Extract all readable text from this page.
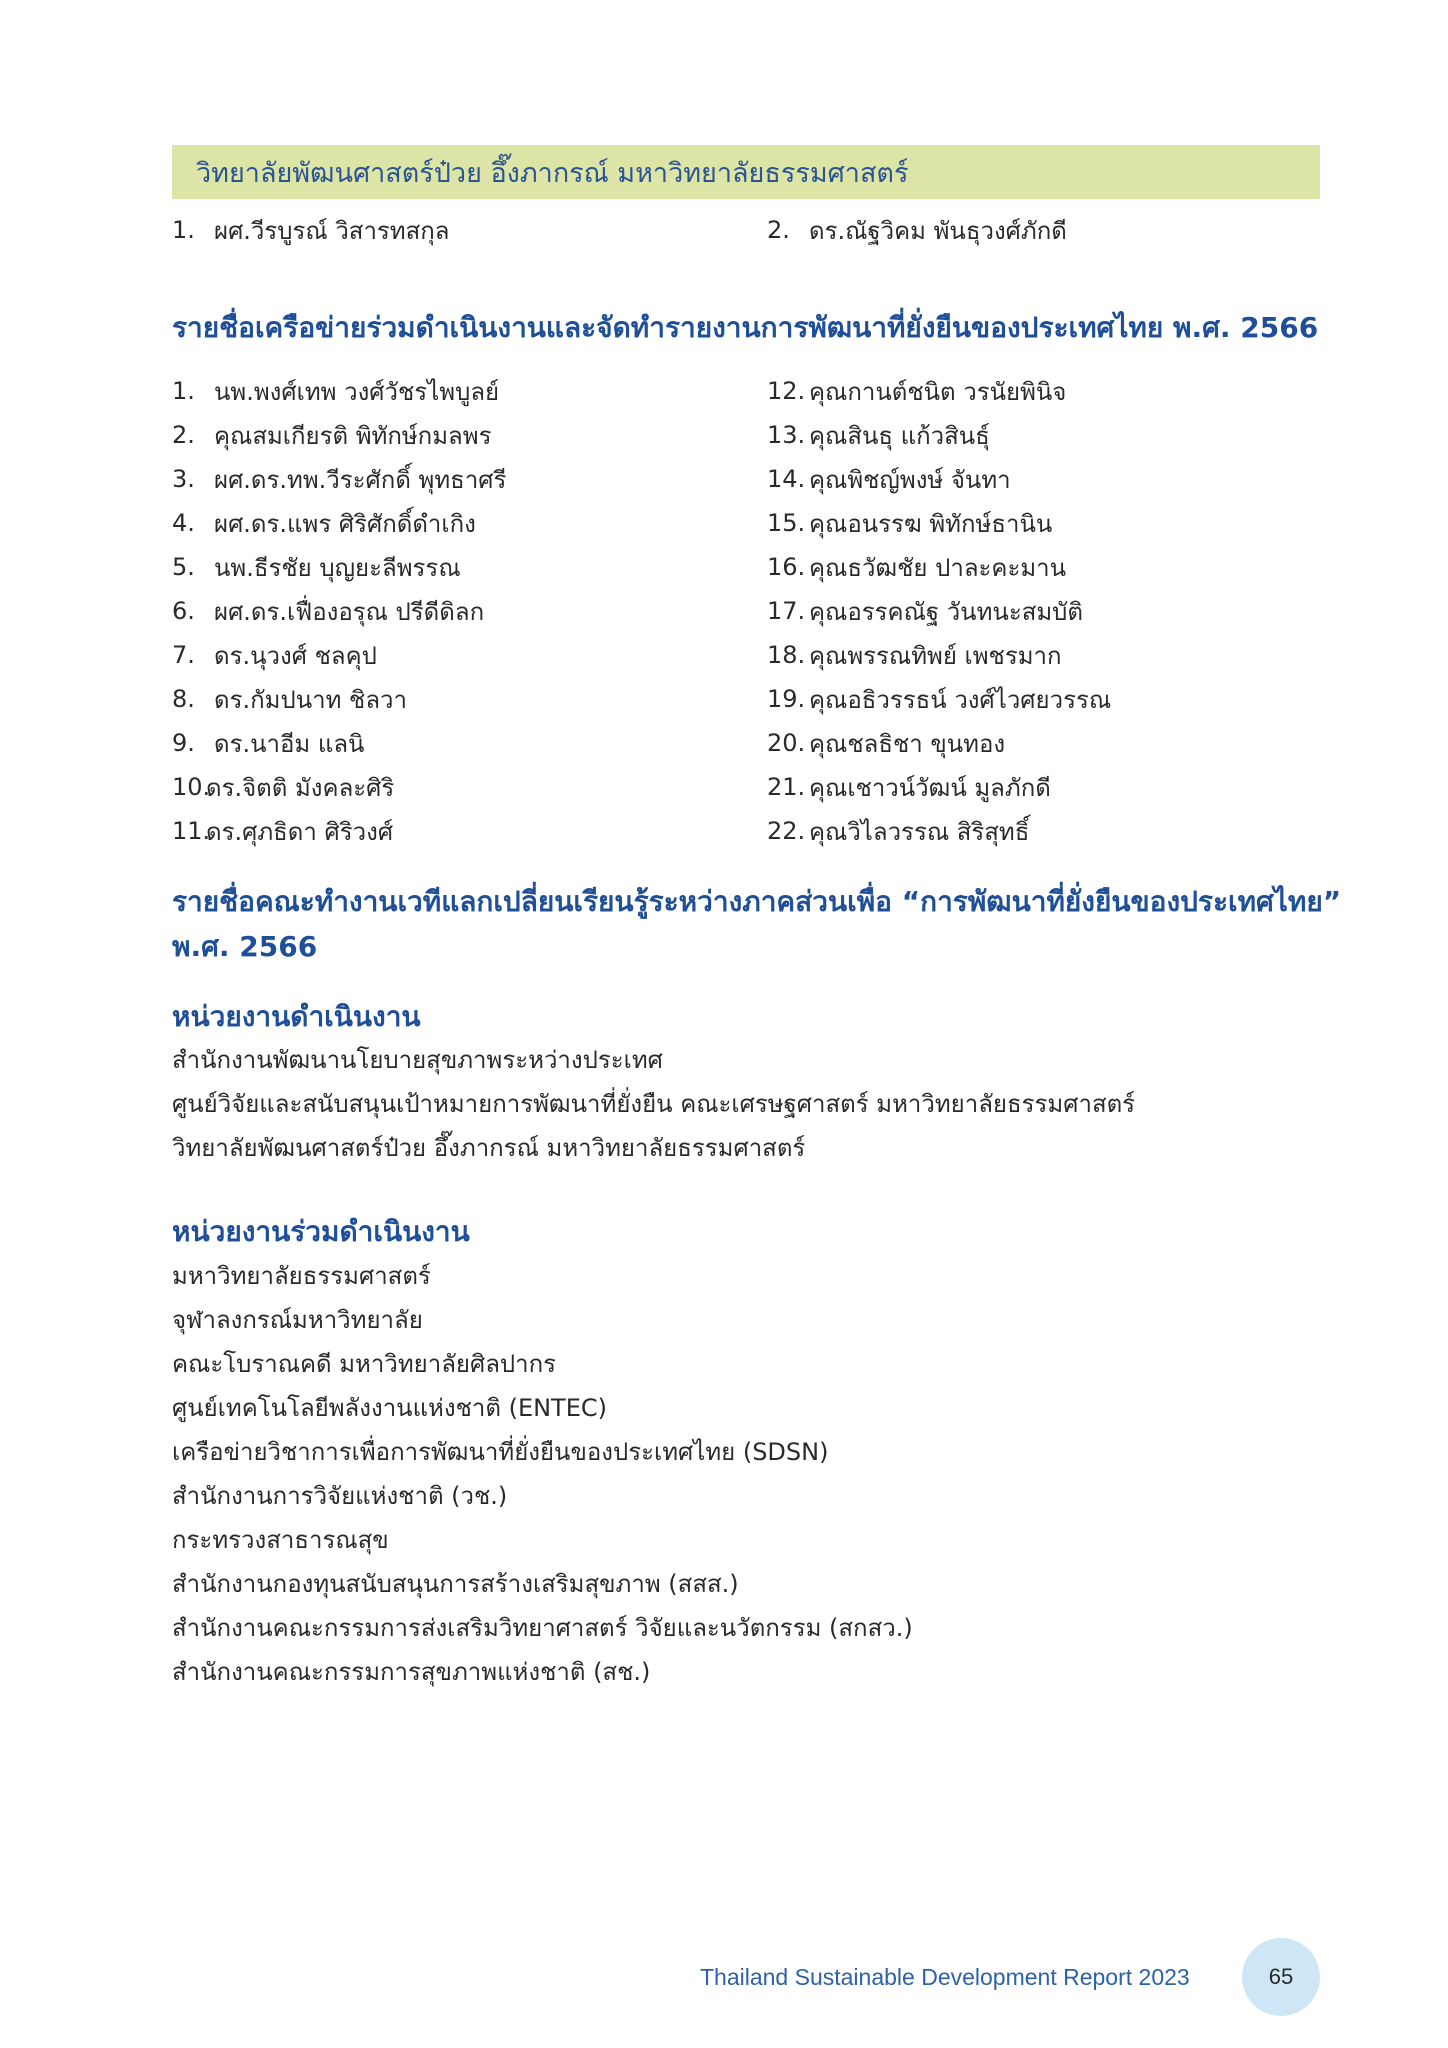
วิทยาลัยพัฒนศาสตร์ป๋วย อึ๊งภากรณ์ มหาวิทยาลัยธรรมศาสตร์
1. ผศ.วีรบูรณ์ วิสารทสกุล	2. ดร.ณัฐวิคม พันธุวงศ์ภักดี
รายชื่อเครือข่ายร่วมดำเนินงานและจัดทำรายงานการพัฒนาที่ยั่งยืนของประเทศไทย พ.ศ. 2566
1. นพ.พงศ์เทพ วงศ์วัชรไพบูลย์
2. คุณสมเกียรติ พิทักษ์กมลพร
3. ผศ.ดร.ทพ.วีระศักดิ์ พุทธาศรี
4. ผศ.ดร.แพร ศิริศักดิ์ดำเกิง
5. นพ.ธีรชัย บุญยะลีพรรณ
6. ผศ.ดร.เฟื่องอรุณ ปรีดีดิลก
7. ดร.นุวงศ์ ชลคุป
8. ดร.กัมปนาท ชิลวา
9. ดร.นาอีม แลนิ
10.
ดร.จิตติ มังคละศิริ
11.
ดร.ศุภธิดา ศิริวงศ์
12. คุณกานต์ชนิต วรนัยพินิจ
13. คุณสินธุ แก้วสินธุ์
14. คุณพิชญ์พงษ์ จันทา
15. คุณอนรรฆ พิทักษ์ธานิน
16. คุณธวัฒชัย ปาละคะมาน
17. คุณอรรคณัฐ วันทนะสมบัติ
18. คุณพรรณทิพย์ เพชรมาก
19. คุณอธิวรรธน์ วงศ์ไวศยวรรณ
20. คุณชลธิชา ขุนทอง
21. คุณเชาวน์วัฒน์ มูลภักดี
22. คุณวิไลวรรณ สิริสุทธิ์
รายชื่อคณะทำงานเวทีแลกเปลี่ยนเรียนรู้ระหว่างภาคส่วนเพื่อ “การพัฒนาที่ยั่งยืนของประเทศไทย”
พ.ศ. 2566
หน่วยงานดำเนินงาน
สำนักงานพัฒนานโยบายสุขภาพระหว่างประเทศ
ศูนย์วิจัยและสนับสนุนเป้าหมายการพัฒนาที่ยั่งยืน คณะเศรษฐศาสตร์ มหาวิทยาลัยธรรมศาสตร์
วิทยาลัยพัฒนศาสตร์ป๋วย อึ๊งภากรณ์ มหาวิทยาลัยธรรมศาสตร์
หน่วยงานร่วมดำเนินงาน
มหาวิทยาลัยธรรมศาสตร์
จุฬาลงกรณ์มหาวิทยาลัย
คณะโบราณคดี มหาวิทยาลัยศิลปากร
ศูนย์เทคโนโลยีพลังงานแห่งชาติ (ENTEC)
เครือข่ายวิชาการเพื่อการพัฒนาที่ยั่งยืนของประเทศไทย (SDSN)
สำนักงานการวิจัยแห่งชาติ (วช.)
กระทรวงสาธารณสุข
สำนักงานกองทุนสนับสนุนการสร้างเสริมสุขภาพ (สสส.)
สำนักงานคณะกรรมการส่งเสริมวิทยาศาสตร์ วิจัยและนวัตกรรม (สกสว.)
สำนักงานคณะกรรมการสุขภาพแห่งชาติ (สช.)
Thailand Sustainable Development Report 2023	65
